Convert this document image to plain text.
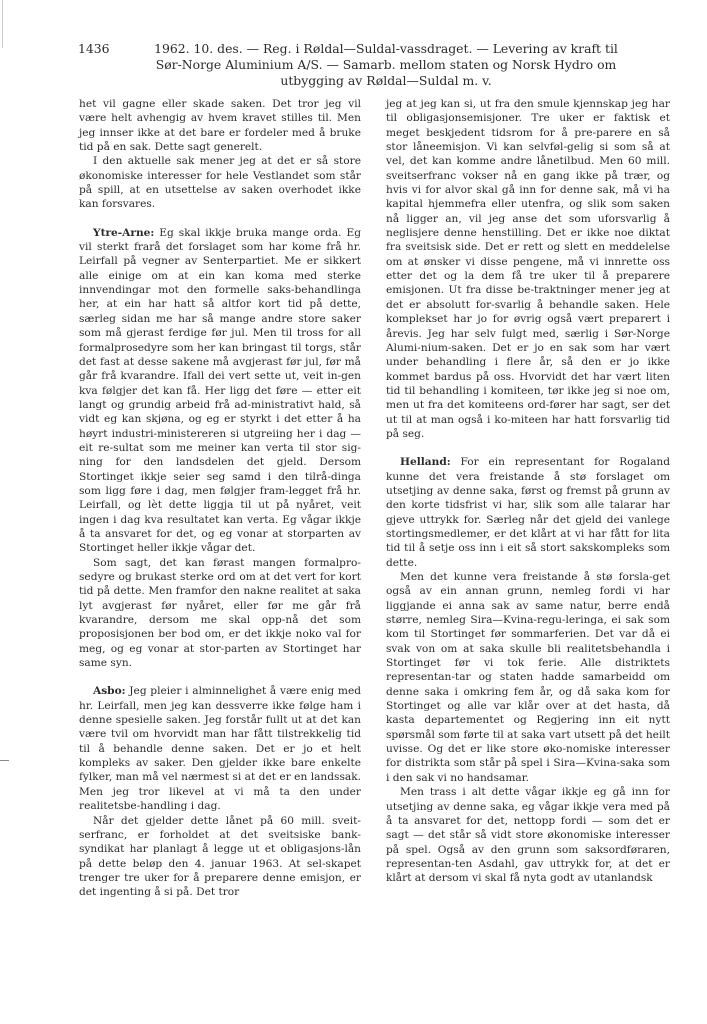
1436	1962. 10. des. — Reg. i Røldal—Suldal-vassdraget. — Levering av kraft til
Sør-Norge Aluminium A/S. — Samarb. mellom staten og Norsk Hydro om
utbygging av Røldal—Suldal m. v.

het vil gagne eller skade saken. Det tror jeg vil være helt avhengig av hvem kravet stilles til. Men jeg innser ikke at det bare er fordeler med å bruke tid på en sak. Dette sagt generelt.

I den aktuelle sak mener jeg at det er så store økonomiske interesser for hele Vestlandet som står på spill, at en utsettelse av saken overhodet ikke kan forsvares.

Ytre-Arne: Eg skal ikkje bruka mange orda. Eg vil sterkt frarå det forslaget som har kome frå hr. Leirfall på vegner av Senterpartiet. Me er sikkert alle einige om at ein kan koma med sterke innvendingar mot den formelle saks-behandlinga her, at ein har hatt så altfor kort tid på dette, særleg sidan me har så mange andre store saker som må gjerast ferdige før jul. Men til tross for all formalprosedyre som her kan bringast til torgs, står det fast at desse sakene må avgjerast før jul, før må går frå kvarandre. Ifall dei vert sette ut, veit in-gen kva følgjer det kan få. Her ligg det føre — etter eit langt og grundig arbeid frå ad-ministrativt hald, så vidt eg kan skjøna, og eg er styrkt i det etter å ha høyrt industri-ministereren si utgreiing her i dag — eit re-sultat som me meiner kan verta til stor sig-ning for den landsdelen det gjeld. Dersom Stortinget ikkje seier seg samd i den tilrå-dinga som ligg føre i dag, men følgjer fram-legget frå hr. Leirfall, og lèt dette liggja til ut på nyåret, veit ingen i dag kva resultatet kan verta. Eg vågar ikkje å ta ansvaret for det, og eg vonar at storparten av Stortinget heller ikkje vågar det.

Som sagt, det kan førast mangen formalpro-sedyre og brukast sterke ord om at det vert for kort tid på dette. Men framfor den nakne realitet at saka lyt avgjerast før nyåret, eller før me går frå kvarandre, dersom me skal opp-nå det som proposisjonen ber bod om, er det ikkje noko val for meg, og eg vonar at stor-parten av Stortinget har same syn.

Asbo: Jeg pleier i alminnelighet å være enig med hr. Leirfall, men jeg kan dessverre ikke følge ham i denne spesielle saken. Jeg forstår fullt ut at det kan være tvil om hvorvidt man har fått tilstrekkelig tid til å behandle denne saken. Det er jo et helt kompleks av saker. Den gjelder ikke bare enkelte fylker, man må vel nærmest si at det er en landssak. Men jeg tror likevel at vi må ta den under realitetsbe-handling i dag.

Når det gjelder dette lånet på 60 mill. sveit-serfranc, er forholdet at det sveitsiske bank-syndikat har planlagt å legge ut et obligasjons-lån på dette beløp den 4. januar 1963. At sel-skapet trenger tre uker for å preparere denne emisjon, er det ingenting å si på. Det tror

jeg at jeg kan si, ut fra den smule kjennskap jeg har til obligasjonsemisjoner. Tre uker er faktisk et meget beskjedent tidsrom for å pre-parere en så stor låneemisjon. Vi kan selvføl-gelig si som så at vel, det kan komme andre lånetilbud. Men 60 mill. sveitserfranc vokser nå en gang ikke på trær, og hvis vi for alvor skal gå inn for denne sak, må vi ha kapital hjemmefra eller utenfra, og slik som saken nå ligger an, vil jeg anse det som uforsvarlig å neglisjere denne henstilling. Det er ikke noe diktat fra sveitsisk side. Det er rett og slett en meddelelse om at ønsker vi disse pengene, må vi innrette oss etter det og la dem få tre uker til å preparere emisjonen. Ut fra disse be-traktninger mener jeg at det er absolutt for-svarlig å behandle saken. Hele komplekset har jo for øvrig også vært preparert i årevis. Jeg har selv fulgt med, særlig i Sør-Norge Alumi-nium-saken. Det er jo en sak som har vært under behandling i flere år, så den er jo ikke kommet bardus på oss. Hvorvidt det har vært liten tid til behandling i komiteen, tør ikke jeg si noe om, men ut fra det komiteens ord-fører har sagt, ser det ut til at man også i ko-miteen har hatt forsvarlig tid på seg.

Helland: For ein representant for Rogaland kunne det vera freistande å stø forslaget om utsetjing av denne saka, først og fremst på grunn av den korte tidsfrist vi har, slik som alle talarar har gjeve uttrykk for. Særleg når det gjeld dei vanlege stortingsmedlemer, er det klårt at vi har fått for lita tid til å setje oss inn i eit så stort sakskompleks som dette.

Men det kunne vera freistande å stø forsla-get også av ein annan grunn, nemleg fordi vi har liggjande ei anna sak av same natur, berre endå større, nemleg Sira—Kvina-regu-leringa, ei sak som kom til Stortinget før sommarferien. Det var då ei svak von om at saka skulle bli realitetsbehandla i Stortinget før vi tok ferie. Alle distriktets representan-tar og staten hadde samarbeidd om denne saka i omkring fem år, og då saka kom for Stortinget og alle var klår over at det hasta, då kasta departementet og Regjering inn eit nytt spørsmål som førte til at saka vart utsett på det heilt uvisse. Og det er like store øko-nomiske interesser for distrikta som står på spel i Sira—Kvina-saka som i den sak vi no handsamar.

Men trass i alt dette vågar ikkje eg gå inn for utsetjing av denne saka, eg vågar ikkje vera med på å ta ansvaret for det, nettopp fordi — som det er sagt — det står så vidt store økonomiske interesser på spel. Også av den grunn som saksordføraren, representan-ten Asdahl, gav uttrykk for, at det er klårt at dersom vi skal få nyta godt av utanlandsk
